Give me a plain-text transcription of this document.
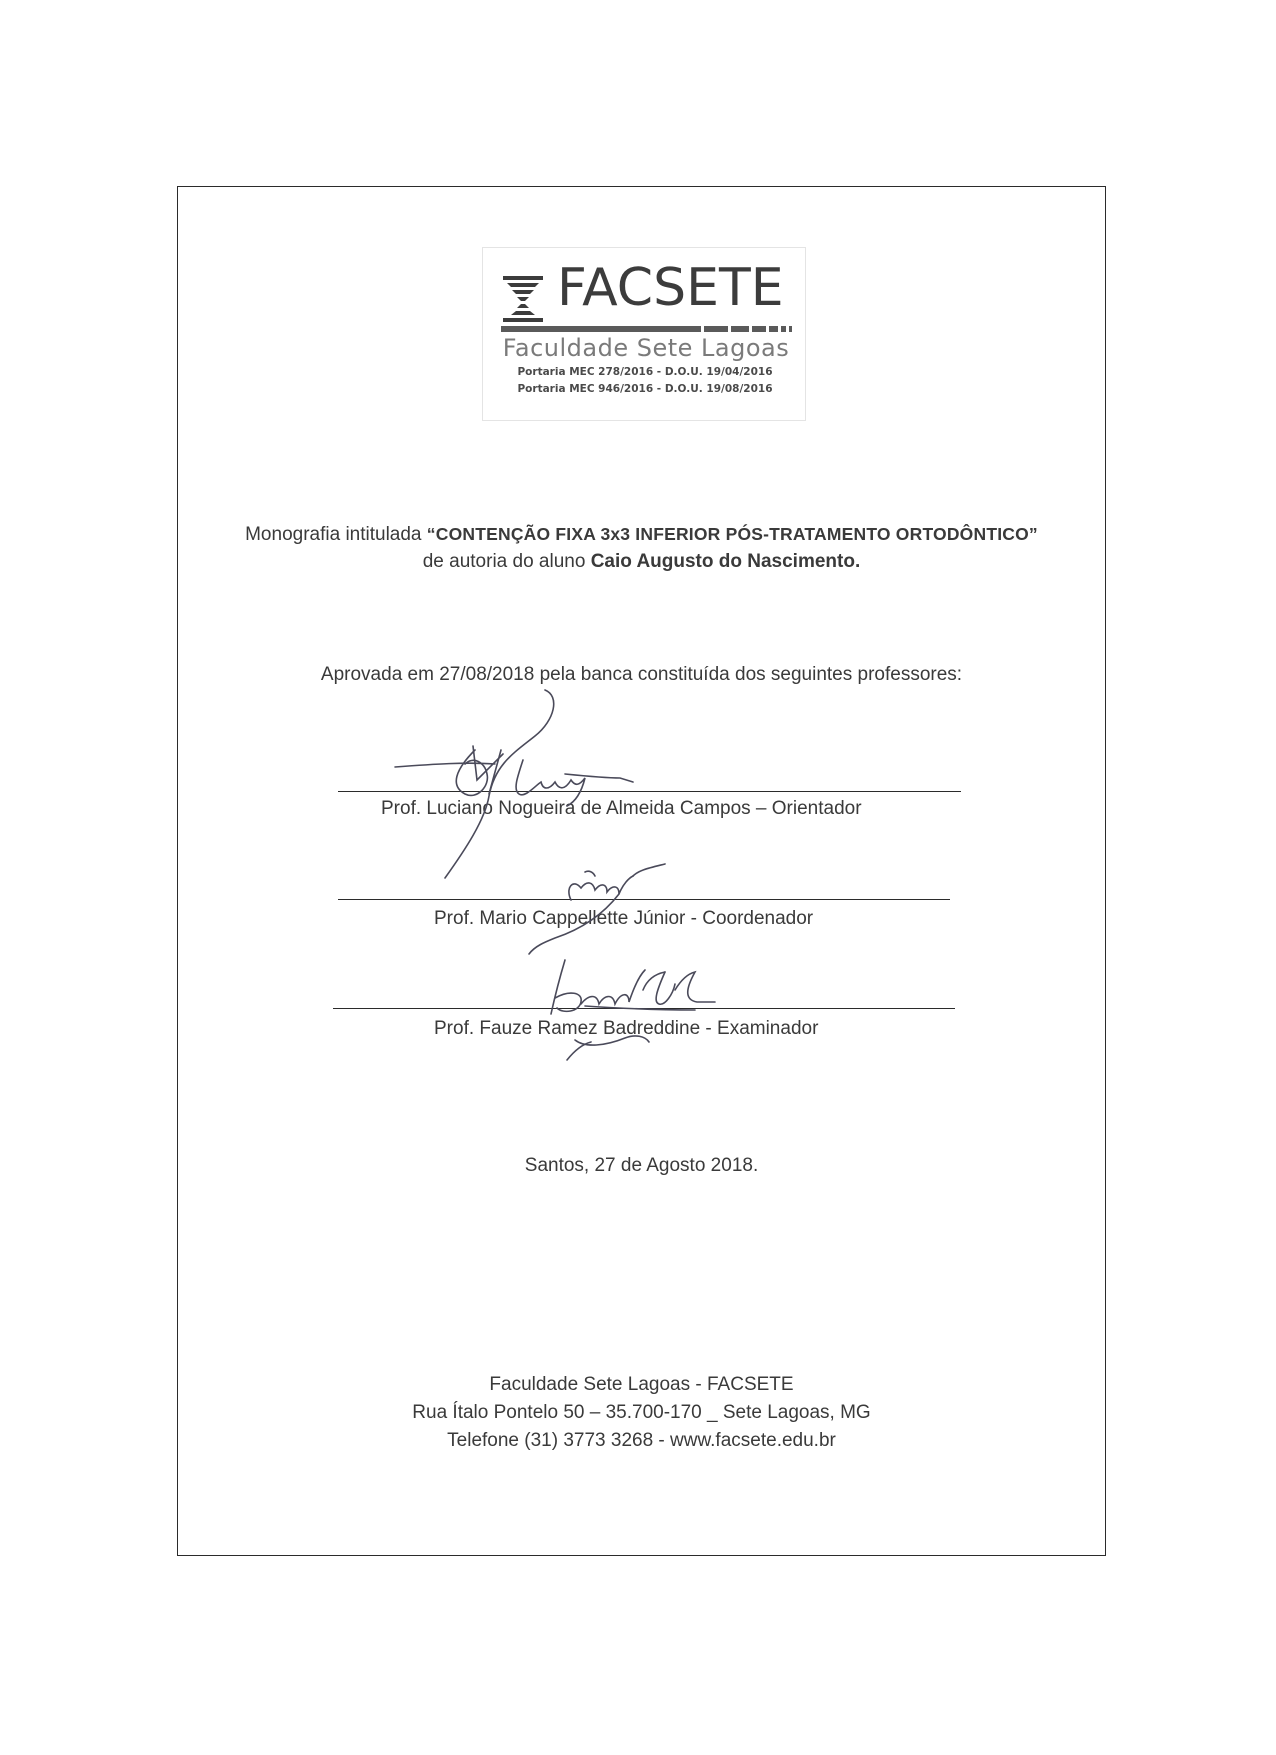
FACSETE
Faculdade Sete Lagoas
Portaria MEC 278/2016 - D.O.U. 19/04/2016
Portaria MEC 946/2016 - D.O.U. 19/08/2016
Monografia intitulada “CONTENÇÃO FIXA 3x3 INFERIOR PÓS-TRATAMENTO ORTODÔNTICO”
de autoria do aluno Caio Augusto do Nascimento.
Aprovada em 27/08/2018 pela banca constituída dos seguintes professores:
Prof. Luciano Nogueira de Almeida Campos – Orientador
Prof. Mario Cappellette Júnior - Coordenador
Prof. Fauze Ramez Badreddine - Examinador
Santos, 27 de Agosto 2018.
Faculdade Sete Lagoas - FACSETE
Rua Ítalo Pontelo 50 – 35.700-170 _ Sete Lagoas, MG
Telefone (31) 3773 3268 - www.facsete.edu.br
